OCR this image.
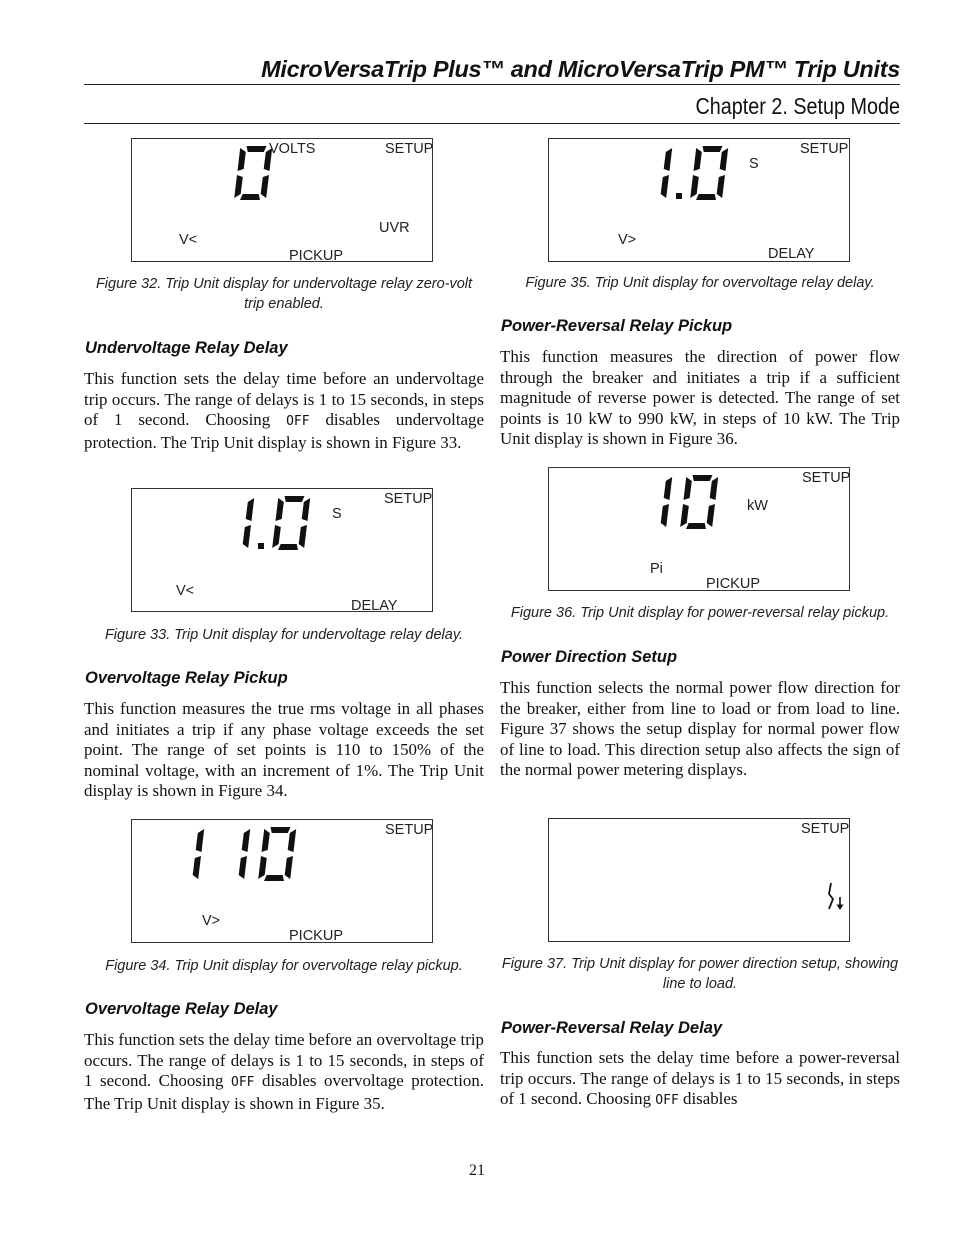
MicroVersaTrip Plus™ and MicroVersaTrip PM™ Trip Units
Chapter 2. Setup Mode
VOLTS	SETUP
UVR
V<
PICKUP
Figure 32. Trip Unit display for undervoltage relay zero-volt trip enabled.
Undervoltage Relay Delay
This function sets the delay time before an undervoltage trip occurs. The range of delays is 1 to 15 seconds, in steps of 1 second. Choosing OFF disables undervoltage protection. The Trip Unit display is shown in Figure 33.
SETUP
S
V<
DELAY
Figure 33. Trip Unit display for undervoltage relay delay.
Overvoltage Relay Pickup
This function measures the true rms voltage in all phases and initiates a trip if any phase voltage exceeds the set point. The range of set points is 110 to 150% of the nominal voltage, with an increment of 1%. The Trip Unit display is shown in Figure 34.
SETUP
V>
PICKUP
Figure 34. Trip Unit display for overvoltage relay pickup.
Overvoltage Relay Delay
This function sets the delay time before an overvoltage trip occurs. The range of delays is 1 to 15 seconds, in steps of 1 second. Choosing OFF disables overvoltage protection. The Trip Unit display is shown in Figure 35.
SETUP
S
V>
DELAY
Figure 35. Trip Unit display for overvoltage relay delay.
Power-Reversal Relay Pickup
This function measures the direction of power flow through the breaker and initiates a trip if a sufficient magnitude of reverse power is detected. The range of set points is 10 kW to 990 kW, in steps of 10 kW. The Trip Unit display is shown in Figure 36.
SETUP
kW
Pi
PICKUP
Figure 36. Trip Unit display for power-reversal relay pickup.
Power Direction Setup
This function selects the normal power flow direction for the breaker, either from line to load or from load to line. Figure 37 shows the setup display for normal power flow of line to load. This direction setup also affects the sign of the normal power metering displays.
SETUP
Figure 37. Trip Unit display for power direction setup, showing line to load.
Power-Reversal Relay Delay
This function sets the delay time before a power-reversal trip occurs. The range of delays is 1 to 15 seconds, in steps of 1 second. Choosing OFF disables
21
